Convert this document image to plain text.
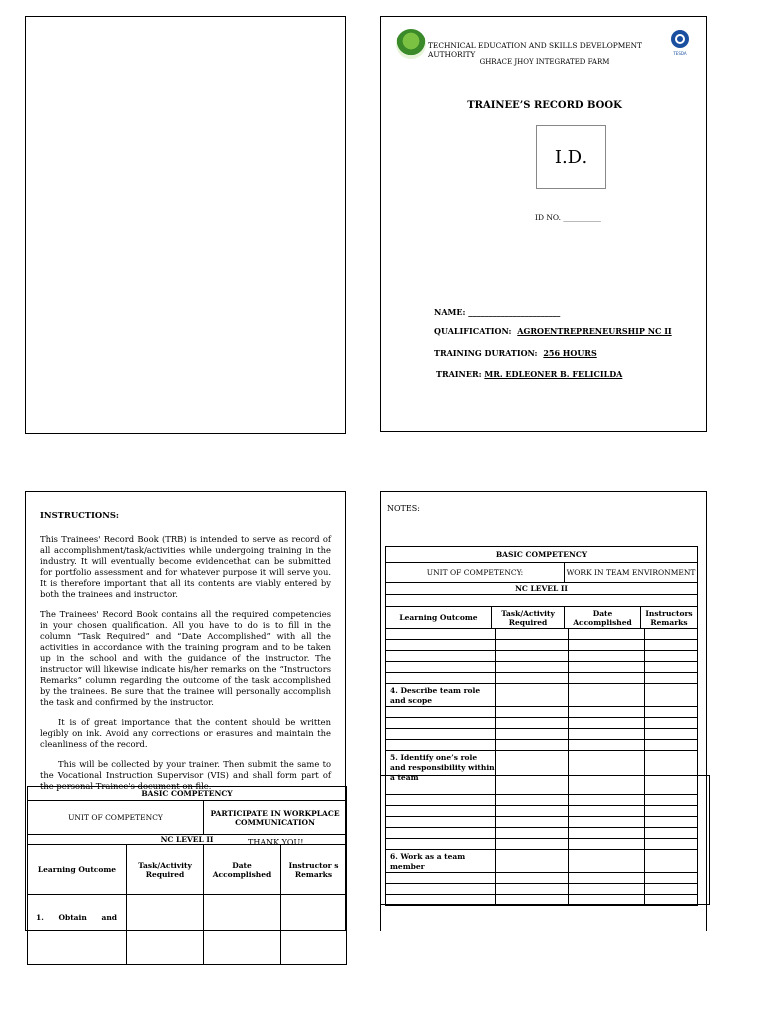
TECHNICAL EDUCATION AND SKILLS DEVELOPMENT AUTHORITY	TESDA
GHRACE JHOY INTEGRATED FARM
TRAINEE’S RECORD BOOK
I.D.
ID NO. __________
NAME: _______________________
QUALIFICATION: AGROENTREPRENEURSHIP NC II
TRAINING DURATION: 256 HOURS
TRAINER: MR. EDLEONER B. FELICILDA
INSTRUCTIONS:

This Trainees' Record Book (TRB) is intended to serve as record of all accomplishment/task/activities while undergoing training in the industry. It will eventually become evidencethat can be submitted for portfolio assessment and for whatever purpose it will serve you. It is therefore important that all its contents are viably entered by both the trainees and instructor.

The Trainees' Record Book contains all the required competencies in your chosen qualification. All you have to do is to fill in the column “Task Required” and “Date Accomplished” with all the activities in accordance with the training program and to be taken up in the school and with the guidance of the instructor. The instructor will likewise indicate his/her remarks on the “Instructors Remarks” column regarding the outcome of the task accomplished by the trainees. Be sure that the trainee will personally accomplish the task and confirmed by the instructor.

It is of great importance that the content should be written legibly on ink. Avoid any corrections or erasures and maintain the cleanliness of the record.

This will be collected by your trainer. Then submit the same to the Vocational Instruction Supervisor (VIS) and shall form part of the personal Trainee's document on file.

THANK YOU!
BASIC COMPETENCY			
UNIT OF COMPETENCY		PARTICIPATE IN WORKPLACE COMMUNICATION	
NC LEVEL II			
Learning Outcome	Task/Activity Required	Date Accomplished	Instructor s Remarks
1. Obtain and			
NOTES:
BASIC COMPETENCY			
UNIT OF COMPETENCY:		WORK IN TEAM ENVIRONMENT	
NC LEVEL II			

Learning Outcome	Task/Activity Required	Date Accomplished	Instructors Remarks

4. Describe team role and scope			

5. Identify one’s role and responsibility within a team			

6. Work as a team member			
